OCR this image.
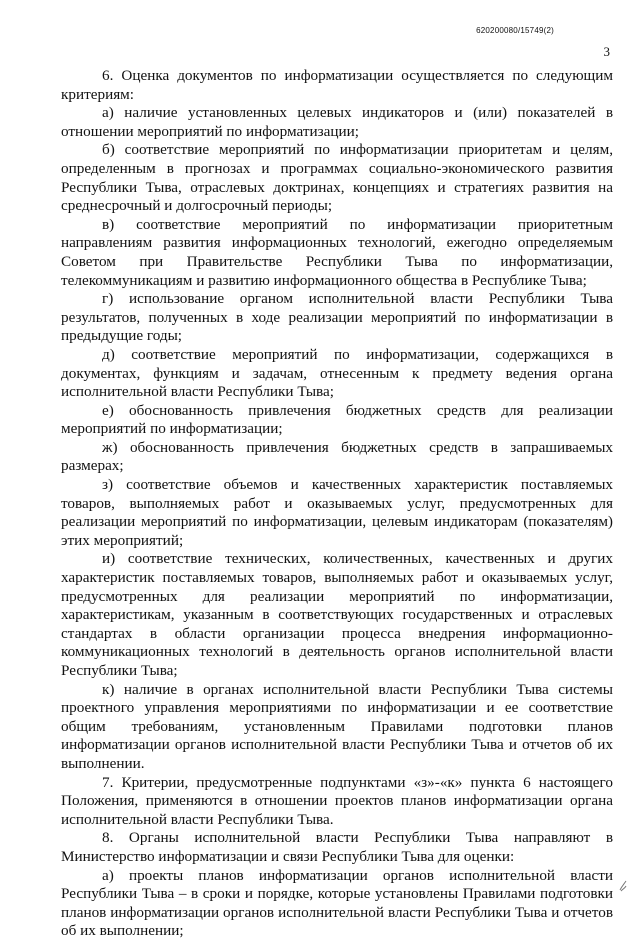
620200080/15749(2)
3

6. Оценка документов по информатизации осуществляется по следующим критериям:

а) наличие установленных целевых индикаторов и (или) показателей в отношении мероприятий по информатизации;

б) соответствие мероприятий по информатизации приоритетам и целям, определенным в прогнозах и программах социально-экономического развития Республики Тыва, отраслевых доктринах, концепциях и стратегиях развития на среднесрочный и долгосрочный периоды;

в) соответствие мероприятий по информатизации приоритетным направлениям развития информационных технологий, ежегодно определяемым Советом при Правительстве Республики Тыва по информатизации, телекоммуникациям и развитию информационного общества в Республике Тыва;

г) использование органом исполнительной власти Республики Тыва результатов, полученных в ходе реализации мероприятий по информатизации в предыдущие годы;

д) соответствие мероприятий по информатизации, содержащихся в документах, функциям и задачам, отнесенным к предмету ведения органа исполнительной власти Республики Тыва;

е) обоснованность привлечения бюджетных средств для реализации мероприятий по информатизации;

ж) обоснованность привлечения бюджетных средств в запрашиваемых размерах;

з) соответствие объемов и качественных характеристик поставляемых товаров, выполняемых работ и оказываемых услуг, предусмотренных для реализации мероприятий по информатизации, целевым индикаторам (показателям) этих мероприятий;

и) соответствие технических, количественных, качественных и других характеристик поставляемых товаров, выполняемых работ и оказываемых услуг, предусмотренных для реализации мероприятий по информатизации, характеристикам, указанным в соответствующих государственных и отраслевых стандартах в области организации процесса внедрения информационно-коммуникационных технологий в деятельность органов исполнительной власти Республики Тыва;

к) наличие в органах исполнительной власти Республики Тыва системы проектного управления мероприятиями по информатизации и ее соответствие общим требованиям, установленным Правилами подготовки планов информатизации органов исполнительной власти Республики Тыва и отчетов об их выполнении.

7. Критерии, предусмотренные подпунктами «з»-«к» пункта 6 настоящего Положения, применяются в отношении проектов планов информатизации органа исполнительной власти Республики Тыва.

8. Органы исполнительной власти Республики Тыва направляют в Министерство информатизации и связи Республики Тыва для оценки:

а) проекты планов информатизации органов исполнительной власти Республики Тыва – в сроки и порядке, которые установлены Правилами подготовки планов информатизации органов исполнительной власти Республики Тыва и отчетов об их выполнении;
